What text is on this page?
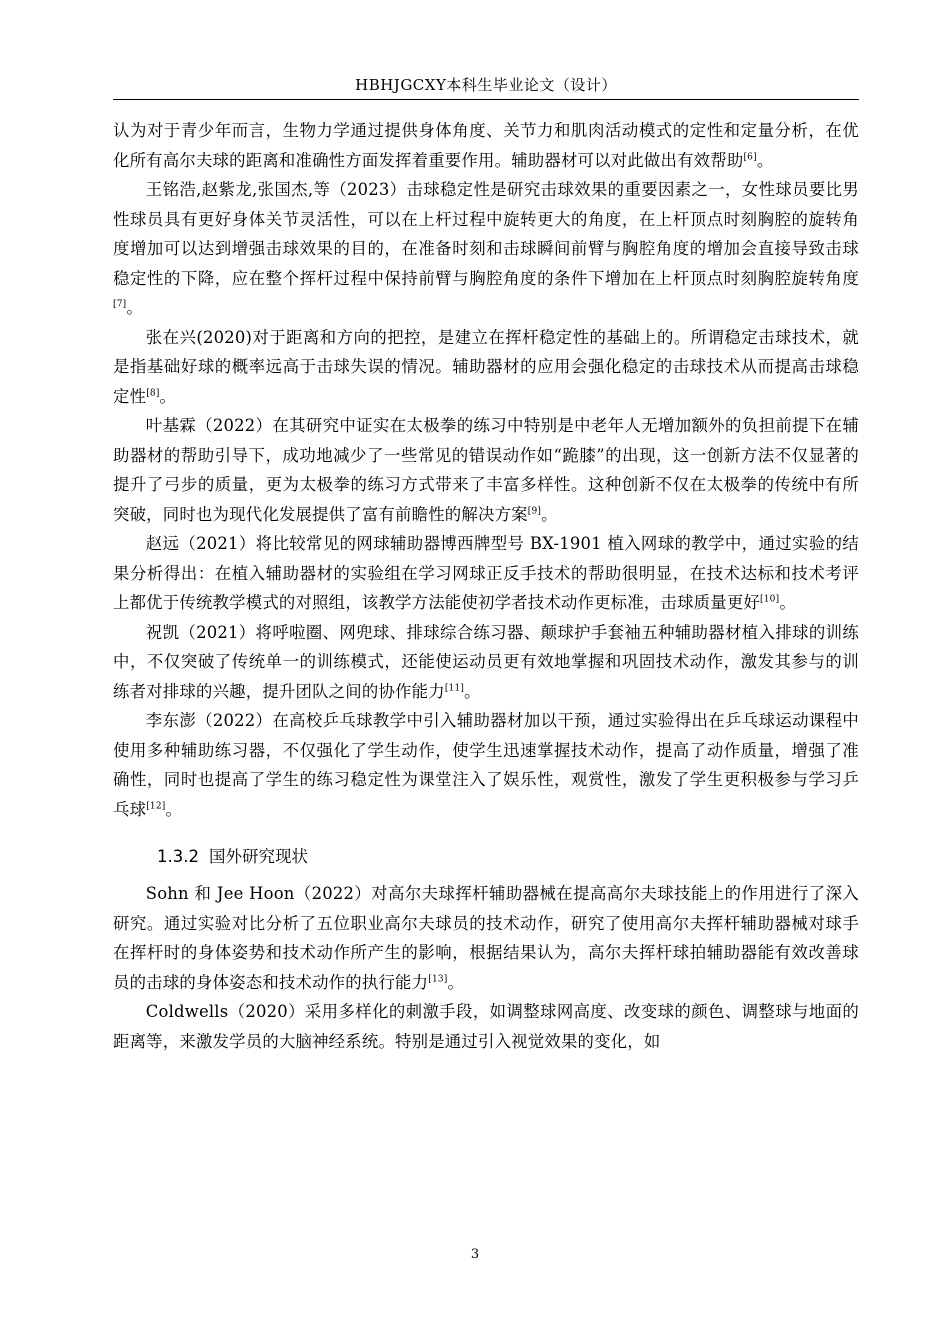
HBHJGCXY本科生毕业论文（设计）

认为对于青少年而言，生物力学通过提供身体角度、关节力和肌肉活动模式的定性和定量分析，在优化所有高尔夫球的距离和准确性方面发挥着重要作用。辅助器材可以对此做出有效帮助[6]。

王铭浩,赵紫龙,张国杰,等（2023）击球稳定性是研究击球效果的重要因素之一，女性球员要比男性球员具有更好身体关节灵活性，可以在上杆过程中旋转更大的角度，在上杆顶点时刻胸腔的旋转角度增加可以达到增强击球效果的目的，在准备时刻和击球瞬间前臂与胸腔角度的增加会直接导致击球稳定性的下降，应在整个挥杆过程中保持前臂与胸腔角度的条件下增加在上杆顶点时刻胸腔旋转角度[7]。

张在兴(2020)对于距离和方向的把控，是建立在挥杆稳定性的基础上的。所谓稳定击球技术，就是指基础好球的概率远高于击球失误的情况。辅助器材的应用会强化稳定的击球技术从而提高击球稳定性[8]。

叶基霖（2022）在其研究中证实在太极拳的练习中特别是中老年人无增加额外的负担前提下在辅助器材的帮助引导下，成功地减少了一些常见的错误动作如“跪膝”的出现，这一创新方法不仅显著的提升了弓步的质量，更为太极拳的练习方式带来了丰富多样性。这种创新不仅在太极拳的传统中有所突破，同时也为现代化发展提供了富有前瞻性的解决方案[9]。

赵远（2021）将比较常见的网球辅助器博西牌型号 BX-1901 植入网球的教学中，通过实验的结果分析得出：在植入辅助器材的实验组在学习网球正反手技术的帮助很明显，在技术达标和技术考评上都优于传统教学模式的对照组，该教学方法能使初学者技术动作更标准，击球质量更好[10]。

祝凯（2021）将呼啦圈、网兜球、排球综合练习器、颠球护手套袖五种辅助器材植入排球的训练中，不仅突破了传统单一的训练模式，还能使运动员更有效地掌握和巩固技术动作，激发其参与的训练者对排球的兴趣，提升团队之间的协作能力[11]。

李东澎（2022）在高校乒乓球教学中引入辅助器材加以干预，通过实验得出在乒乓球运动课程中使用多种辅助练习器，不仅强化了学生动作，使学生迅速掌握技术动作，提高了动作质量，增强了准确性，同时也提高了学生的练习稳定性为课堂注入了娱乐性，观赏性，激发了学生更积极参与学习乒乓球[12]。

1.3.2 国外研究现状

Sohn 和 Jee Hoon（2022）对高尔夫球挥杆辅助器械在提高高尔夫球技能上的作用进行了深入研究。通过实验对比分析了五位职业高尔夫球员的技术动作，研究了使用高尔夫挥杆辅助器械对球手在挥杆时的身体姿势和技术动作所产生的影响，根据结果认为，高尔夫挥杆球拍辅助器能有效改善球员的击球的身体姿态和技术动作的执行能力[13]。

Coldwells（2020）采用多样化的刺激手段，如调整球网高度、改变球的颜色、调整球与地面的距离等，来激发学员的大脑神经系统。特别是通过引入视觉效果的变化，如

3
